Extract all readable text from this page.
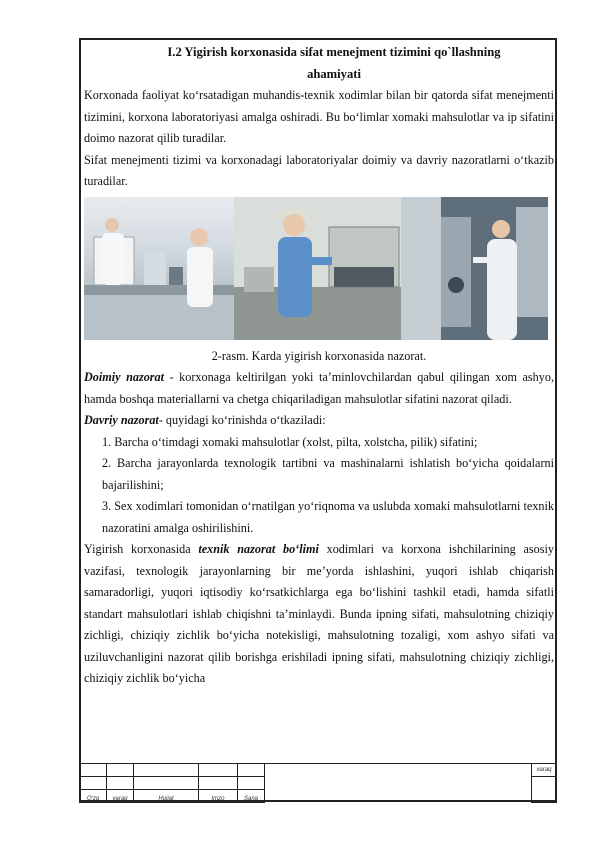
I.2 Yigirish korxonasida sifat menejment tizimini qo`llashning
ahamiyati

Korxonada faoliyat ko‘rsatadigan muhandis-texnik xodimlar bilan bir qatorda sifat menejmenti tizimini, korxona laboratoriyasi amalga oshiradi. Bu bo‘limlar xomaki mahsulotlar va ip sifatini doimo nazorat qilib turadilar.

Sifat menejmenti tizimi va korxonadagi laboratoriyalar doimiy va davriy nazoratlarni o‘tkazib turadilar.

2-rasm. Karda yigirish korxonasida nazorat.

Doimiy nazorat - korxonaga keltirilgan yoki ta’minlovchilardan qabul qilingan xom ashyo, hamda boshqa materiallarni va chetga chiqariladigan mahsulotlar sifatini nazorat qiladi.

Davriy nazorat- quyidagi ko‘rinishda o‘tkaziladi:

1. Barcha o‘timdagi xomaki mahsulotlar (xolst, pilta, xolstcha, pilik) sifatini;

2. Barcha jarayonlarda texnologik tartibni va mashinalarni ishlatish bo‘yicha qoidalarni bajarilishini;

3. Sex xodimlari tomonidan o‘rnatilgan yo‘riqnoma va uslubda xomaki mahsulotlarni texnik nazoratini amalga oshirilishini.

Yigirish korxonasida texnik nazorat bo‘limi xodimlari va korxona ishchilarining asosiy vazifasi, texnologik jarayonlarning bir me’yorda ishlashini, yuqori ishlab chiqarish samaradorligi, yuqori iqtisodiy ko‘rsatkichlarga ega bo‘lishini tashkil etadi, hamda sifatli standart mahsulotlari ishlab chiqishni ta’minlaydi. Bunda ipning sifati, mahsulotning chiziqiy zichligi, chiziqiy zichlik bo‘yicha notekisligi, mahsulotning tozaligi, xom ashyo sifati va uziluvchanligini nazorat qilib borishga erishiladi ipning sifati, mahsulotning chiziqiy zichligi, chiziqiy zichlik bo‘yicha

						varaq

O‘zg	varaq	Hujjat	Imzo	Sana		
